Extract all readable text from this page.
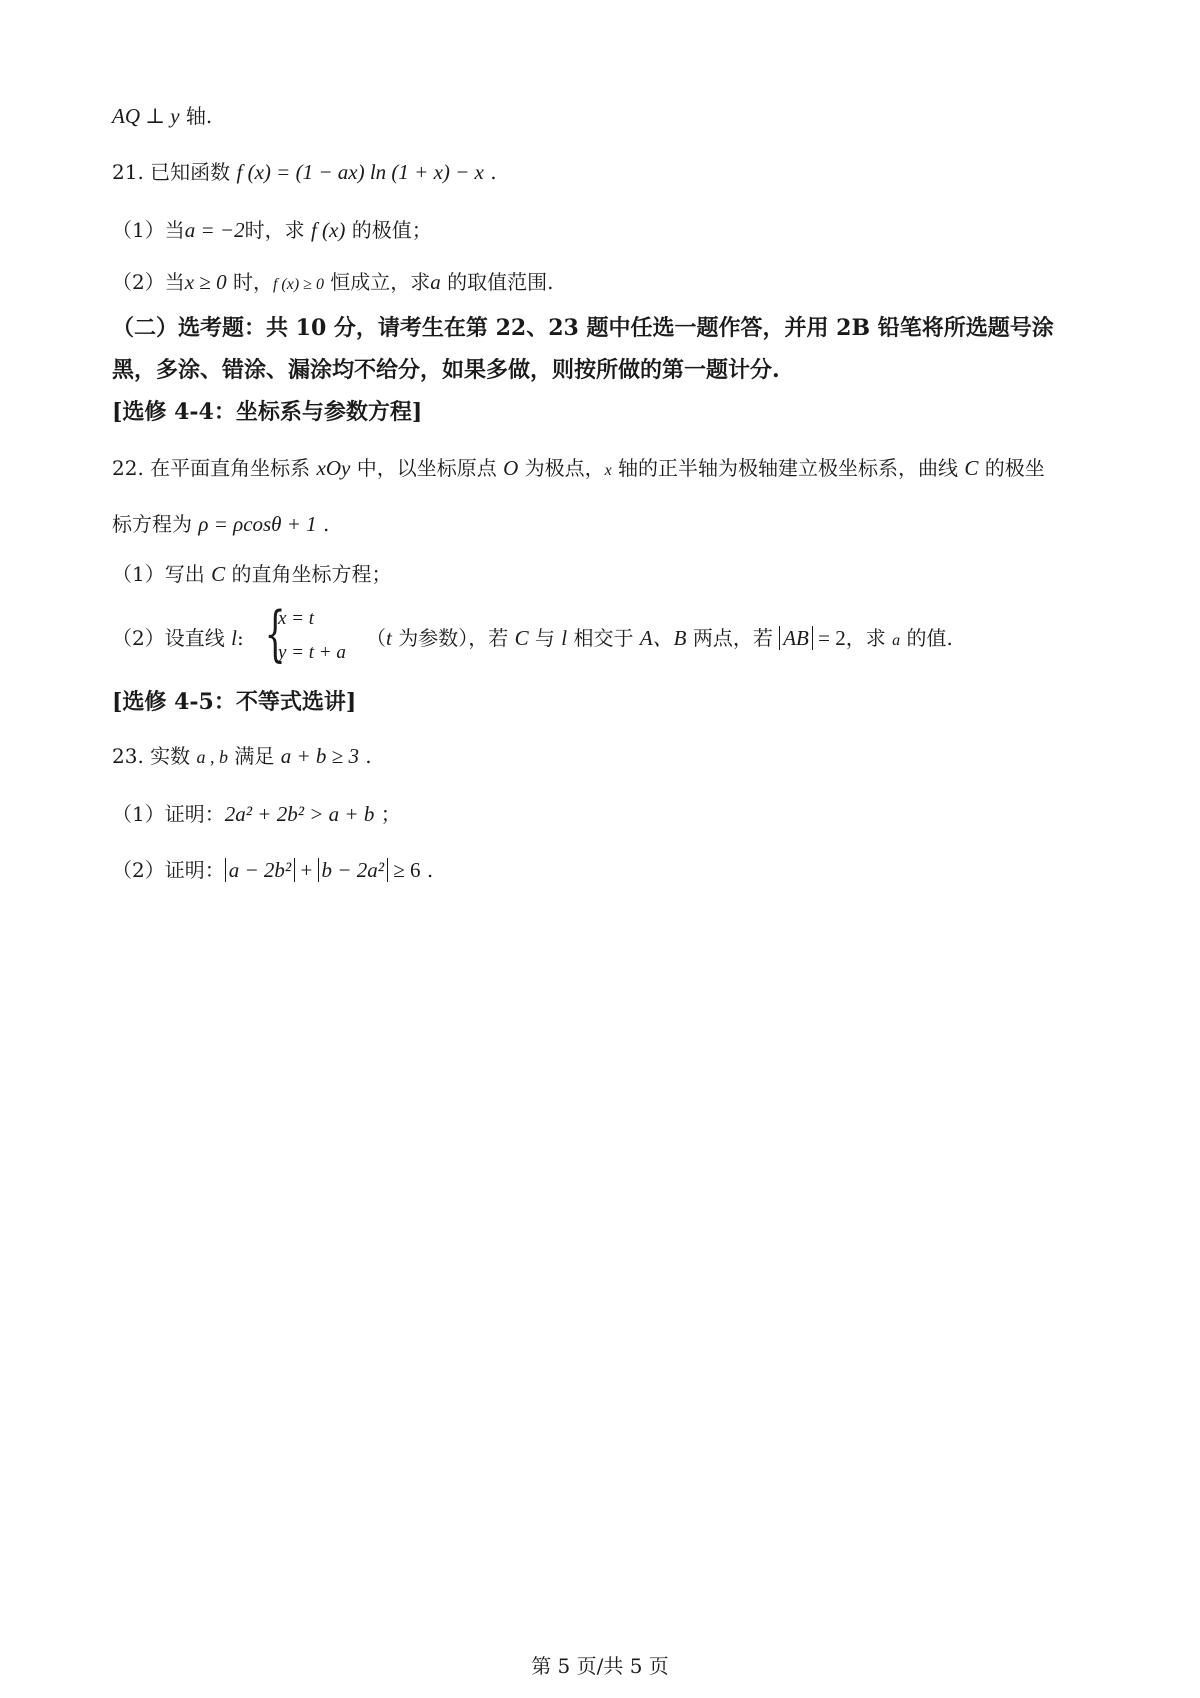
AQ ⊥ y 轴.
21. 已知函数 f (x) = (1 − ax) ln (1 + x) − x .
（1）当a = −2时，求 f (x) 的极值；
（2）当x ≥ 0 时，f (x) ≥ 0 恒成立，求a 的取值范围.
（二）选考题：共 10 分，请考生在第 22、23 题中任选一题作答，并用 2B 铅笔将所选题号涂
黑，多涂、错涂、漏涂均不给分，如果多做，则按所做的第一题计分.
[选修 4-4：坐标系与参数方程]
22. 在平面直角坐标系 xOy 中，以坐标原点 O 为极点，x 轴的正半轴为极轴建立极坐标系，曲线 C 的极坐
标方程为 ρ = ρcosθ + 1 .
（1）写出 C 的直角坐标方程；
（2）设直线 l: {
x = t
y = t + a
（t 为参数），若 C 与 l 相交于 A、B 两点，若 AB = 2，求 a 的值.
[选修 4-5：不等式选讲]
23. 实数 a , b 满足 a + b ≥ 3 .
（1）证明：2a² + 2b² > a + b ；
（2）证明： a − 2b² + b − 2a² ≥ 6 .
第 5 页/共 5 页
